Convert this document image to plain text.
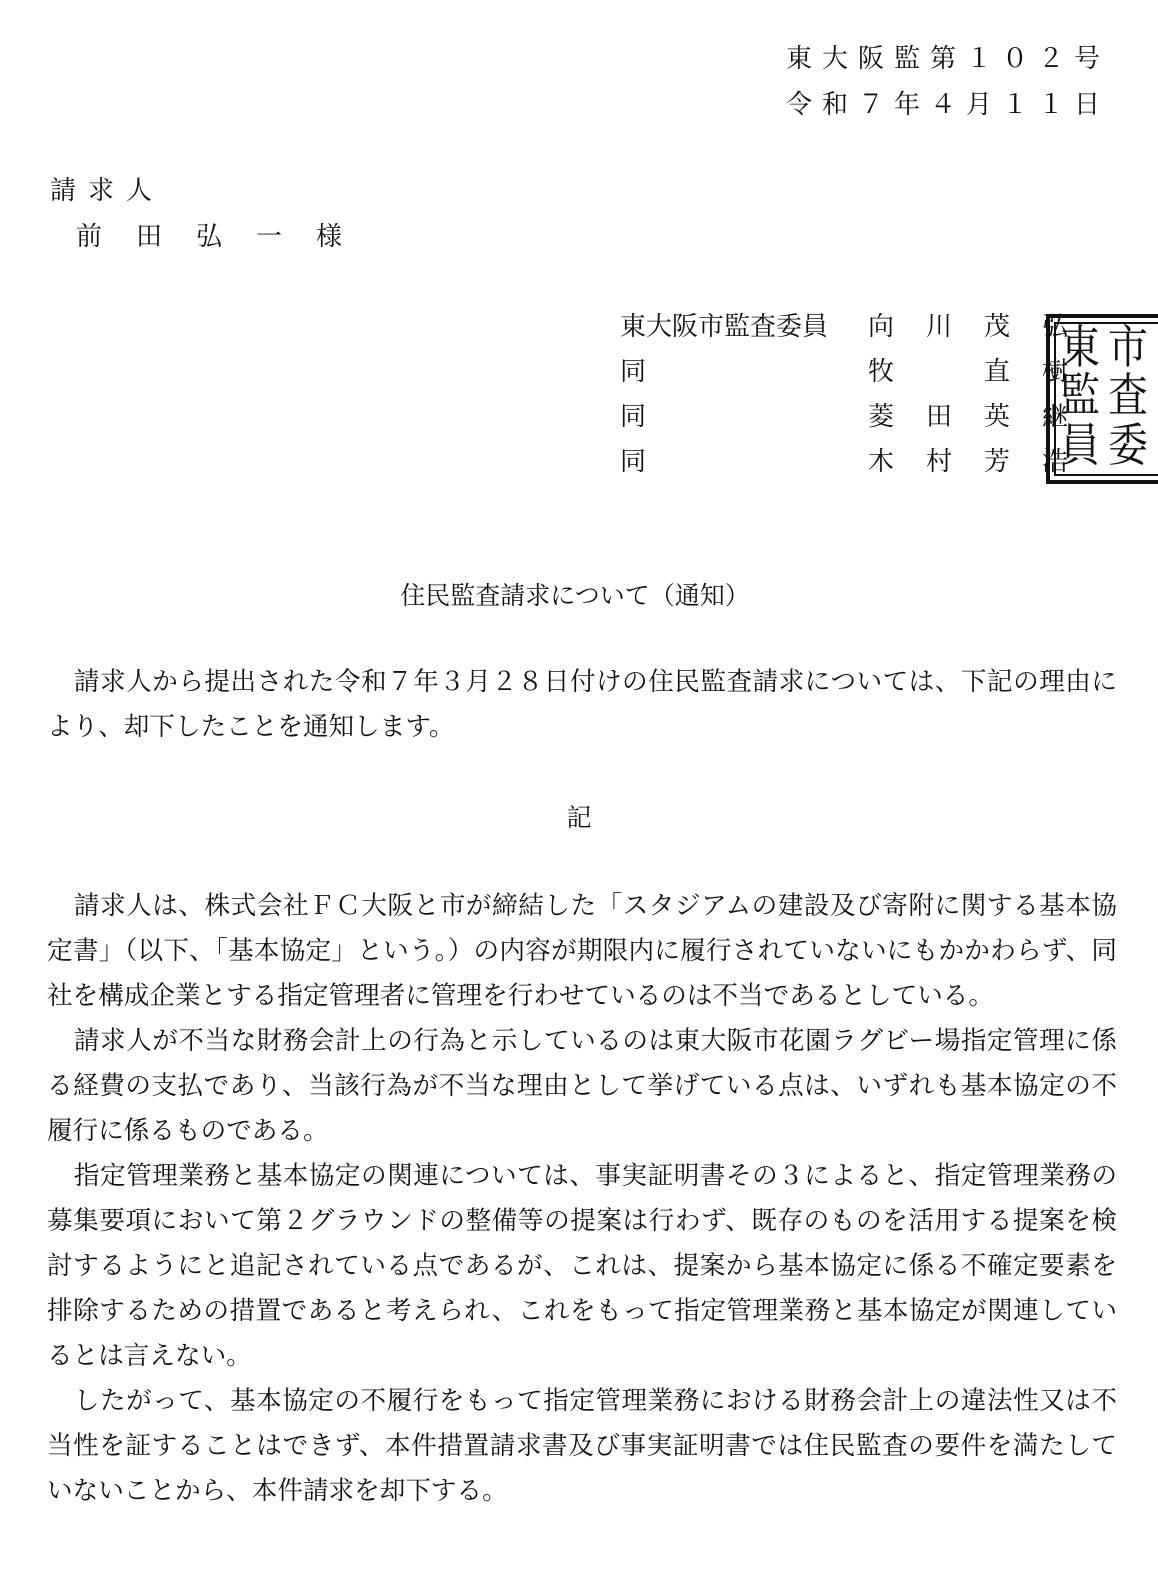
東大阪監第１０２号
令和７年４月１１日
請求人
前田弘一様
東大阪市監査委員 向	川	茂	弘
同	牧	直	樹
同	菱	田	英	継
同	木	村	芳	浩
東
監
員
市
査
委
住民監査請求について（通知）

請求人から提出された令和７年３月２８日付けの住民監査請求については、下記の理由により、却下したことを通知します。

記

請求人は、株式会社ＦＣ大阪と市が締結した「スタジアムの建設及び寄附に関する基本協定書」（以下、「基本協定」という。）の内容が期限内に履行されていないにもかかわらず、同社を構成企業とする指定管理者に管理を行わせているのは不当であるとしている。

請求人が不当な財務会計上の行為と示しているのは東大阪市花園ラグビー場指定管理に係る経費の支払であり、当該行為が不当な理由として挙げている点は、いずれも基本協定の不履行に係るものである。

指定管理業務と基本協定の関連については、事実証明書その３によると、指定管理業務の募集要項において第２グラウンドの整備等の提案は行わず、既存のものを活用する提案を検討するようにと追記されている点であるが、これは、提案から基本協定に係る不確定要素を排除するための措置であると考えられ、これをもって指定管理業務と基本協定が関連しているとは言えない。

したがって、基本協定の不履行をもって指定管理業務における財務会計上の違法性又は不当性を証することはできず、本件措置請求書及び事実証明書では住民監査の要件を満たしていないことから、本件請求を却下する。
